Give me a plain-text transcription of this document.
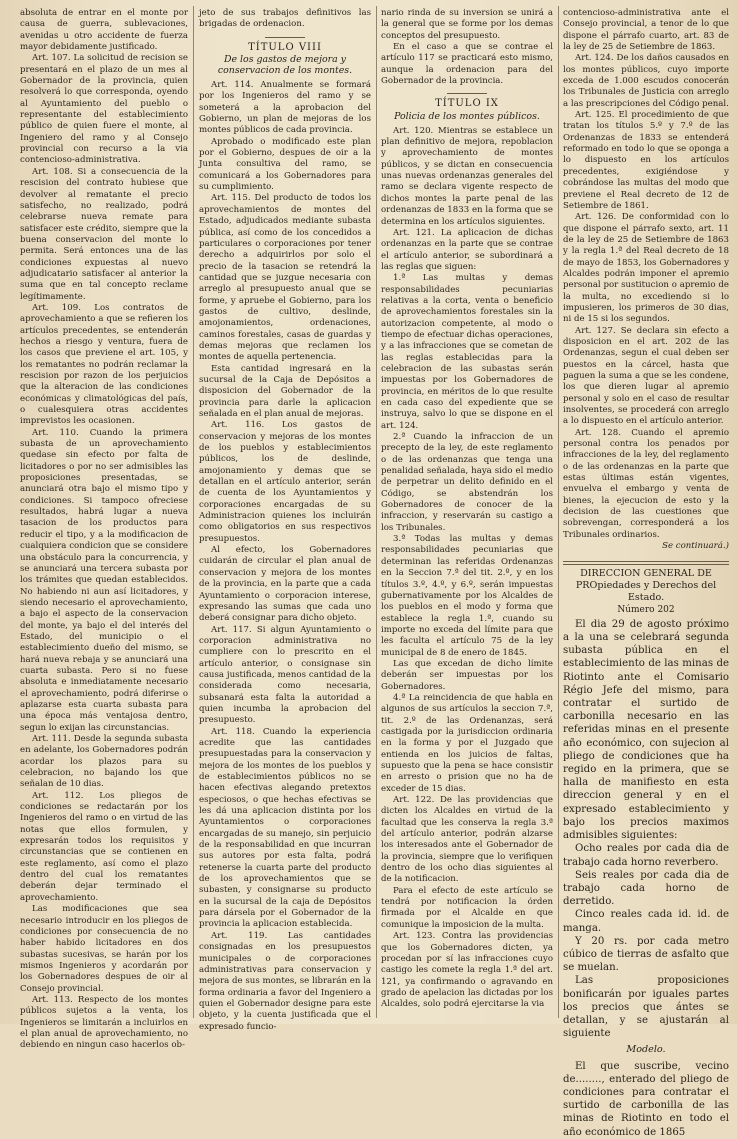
absoluta de entrar en el monte por causa de guerra, sublevaciones, avenidas u otro accidente de fuerza mayor debidamente justificado.

Art. 107. La solicitud de recision se presentará en el plazo de un mes al Gobernador de la provincia, quien resolverá lo que corresponda, oyendo al Ayuntamiento del pueblo o representante del establecimiento público de quien fuere el monte, al Ingeniero del ramo y al Consejo provincial con recurso a la via contencioso-administrativa.

Art. 108. Si a consecuencia de la rescision del contrato hubiese que devolver al rematante el precio satisfecho, no realizado, podrá celebrarse nueva remate para satisfacer este crédito, siempre que la buena conservacion del monte lo permita. Será entonces una de las condiciones expuestas al nuevo adjudicatario satisfacer al anterior la suma que en tal concepto reclame legítimamente.

Art. 109. Los contratos de aprovechamiento a que se refieren los artículos precedentes, se entenderán hechos a riesgo y ventura, fuera de los casos que previene el art. 105, y los rematantes no podrán reclamar la rescision por razon de los perjuicios que la alteracion de las condiciones económicas y climatológicas del país, o cualesquiera otras accidentes imprevistos les ocasionen.

Art. 110. Cuando la primera subasta de un aprovechamiento quedase sin efecto por falta de licitadores o por no ser admisibles las proposiciones presentadas, se anunciará otra bajo el mismo tipo y condiciones. Si tampoco ofreciese resultados, habrá lugar a nueva tasacion de los productos para reducir el tipo, y a la modificacion de cualquiera condicion que se considere una obstáculo para la concurrencia, y se anunciará una tercera subasta por los trámites que quedan establecidos. No habiendo ni aun así licitadores, y siendo necesario el aprovechamiento, a bajo el aspecto de la conservacion del monte, ya bajo el del interés del Estado, del municipio o el establecimiento dueño del mismo, se hará nueva rebaja y se anunciará una cuarta subasta. Pero si no fuese absoluta e inmediatamente necesario el aprovechamiento, podrá diferirse o aplazarse esta cuarta subasta para una época más ventajosa dentro, segun lo exijan las circunstancias.

Art. 111. Desde la segunda subasta en adelante, los Gobernadores podrán acordar los plazos para su celebracion, no bajando los que señalan de 10 dias.

Art. 112. Los pliegos de condiciones se redactarán por los Ingenieros del ramo o en virtud de las notas que ellos formulen, y expresarán todos los requisitos y circunstancias que se contienen en este reglamento, así como el plazo dentro del cual los rematantes deberán dejar terminado el aprovechamiento.

Las modificaciones que sea necesario introducir en los pliegos de condiciones por consecuencia de no haber habido licitadores en dos subastas sucesivas, se harán por los mismos Ingenieros y acordarán por los Gobernadores despues de oir al Consejo provincial.

Art. 113. Respecto de los montes públicos sujetos a la venta, los Ingenieros se limitarán a incluirlos en el plan anual de aprovechamiento, no debiendo en ningun caso hacerlos ob-

jeto de sus trabajos definitivos las brigadas de ordenacion.

TÍTULO VIII

De los gastos de mejora y conservacion de los montes.

Art. 114. Anualmente se formará por los Ingenieros del ramo y se someterá a la aprobacion del Gobierno, un plan de mejoras de los montes públicos de cada provincia.

Aprobado o modificado este plan por el Gobierno, despues de oir a la Junta consultiva del ramo, se comunicará a los Gobernadores para su cumplimiento.

Art. 115. Del producto de todos los aprovechamientos de montes del Estado, adjudicados mediante subasta pública, así como de los concedidos a particulares o corporaciones por tener derecho a adquirirlos por solo el precio de la tasacion se retendrá la cantidad que se juzgue necesaria con arreglo al presupuesto anual que se forme, y apruebe el Gobierno, para los gastos de cultivo, deslinde, amojonamientos, ordenaciones, caminos forestales, casas de guardas y demas mejoras que reclamen los montes de aquella pertenencia.

Esta cantidad ingresará en la sucursal de la Caja de Depósitos a disposicion del Gobernador de la provincia para darle la aplicacion señalada en el plan anual de mejoras.

Art. 116. Los gastos de conservacion y mejoras de los montes de los pueblos y establecimientos públicos, los de deslinde, amojonamiento y demas que se detallan en el artículo anterior, serán de cuenta de los Ayuntamientos y corporaciones encargadas de su Administracion quienes los incluirán como obligatorios en sus respectivos presupuestos.

Al efecto, los Gobernadores cuidarán de circular el plan anual de conservacion y mejora de los montes de la provincia, en la parte que a cada Ayuntamiento o corporacion interese, expresando las sumas que cada uno deberá consignar para dicho objeto.

Art. 117. Si algun Ayuntamiento o corporacion administrativa no cumpliere con lo prescrito en el artículo anterior, o consignase sin causa justificada, menos cantidad de la considerada como necesaria, subsanará esta falta la autoridad a quien incumba la aprobacion del presupuesto.

Art. 118. Cuando la experiencia acredite que las cantidades presupuestadas para la conservacion y mejora de los montes de los pueblos y de establecimientos públicos no se hacen efectivas alegando pretextos especiosos, o que hechas efectivas se les dá una aplicacion distinta por los Ayuntamientos o corporaciones encargadas de su manejo, sin perjuicio de la responsabilidad en que incurran sus autores por esta falta, podrá retenerse la cuarta parte del producto de los aprovechamientos que se subasten, y consignarse su producto en la sucursal de la caja de Depósitos para dársela por el Gobernador de la provincia la aplicacion establecida.

Art. 119. Las cantidades consignadas en los presupuestos municipales o de corporaciones administrativas para conservacion y mejora de sus montes, se librarán en la forma ordinaria a favor del Ingeniero a quien el Gobernador designe para este objeto, y la cuenta justificada que el expresado funcio-

nario rinda de su inversion se unirá a la general que se forme por los demas conceptos del presupuesto.

En el caso a que se contrae el artículo 117 se practicará esto mismo, aunque la ordenacion para del Gobernador de la provincia.

TÍTULO IX

Policia de los montes públicos.

Art. 120. Mientras se establece un plan definitivo de mejora, repoblacion y aprovechamiento de montes públicos, y se dictan en consecuencia unas nuevas ordenanzas generales del ramo se declara vigente respecto de dichos montes la parte penal de las ordenanzas de 1833 en la forma que se determina en los artículos siguientes.

Art. 121. La aplicacion de dichas ordenanzas en la parte que se contrae el artículo anterior, se subordinará a las reglas que siguen:

1.ª Las multas y demas responsabilidades pecuniarias relativas a la corta, venta o beneficio de aprovechamientos forestales sin la autorizacion competente, al modo o tiempo de efectuar dichas operaciones, y a las infracciones que se cometan de las reglas establecidas para la celebracion de las subastas serán impuestas por los Gobernadores de provincia, en méritos de lo que resulte en cada caso del expediente que se instruya, salvo lo que se dispone en el art. 124.

2.ª Cuando la infraccion de un precepto de la ley, de este reglamento o de las ordenanzas que tenga una penalidad señalada, haya sido el medio de perpetrar un delito definido en el Código, se abstendrán los Gobernadores de conocer de la infraccion, y reservarán su castigo a los Tribunales.

3.ª Todas las multas y demas responsabilidades pecuniarias que determinan las referidas Ordenanzas en la Seccion 7.ª del tit. 2.º, y en los títulos 3.º, 4.º, y 6.º, serán impuestas gubernativamente por los Alcaldes de los pueblos en el modo y forma que establece la regla 1.ª, cuando su importe no exceda del límite para que les faculta el artículo 75 de la ley municipal de 8 de enero de 1845.

Las que excedan de dicho límite deberán ser impuestas por los Gobernadores.

4.ª La reincidencia de que habla en algunos de sus artículos la seccion 7.ª, tit. 2.º de las Ordenanzas, será castigada por la jurisdiccion ordinaria en la forma y por el Juzgado que entienda en los juicios de faltas, supuesto que la pena se hace consistir en arresto o prision que no ha de exceder de 15 dias.

Art. 122. De las providencias que dicten los Alcaldes en virtud de la facultad que les conserva la regla 3.ª del artículo anterior, podrán alzarse los interesados ante el Gobernador de la provincia, siempre que lo verifiquen dentro de los ocho dias siguientes al de la notificacion.

Para el efecto de este artículo se tendrá por notificacion la órden firmada por el Alcalde en que comunique la imposicion de la multa.

Art. 123. Contra las providencias que los Gobernadores dicten, ya procedan por sí las infracciones cuyo castigo les comete la regla 1.ª del art. 121, ya confirmando o agravando en grado de apelacion las dictadas por los Alcaldes, solo podrá ejercitarse la via

contencioso-administrativa ante el Consejo provincial, a tenor de lo que dispone el párrafo cuarto, art. 83 de la ley de 25 de Setiembre de 1863.

Art. 124. De los daños causados en los montes públicos, cuyo importe exceda de 1.000 escudos conocerán los Tribunales de Justicia con arreglo a las prescripciones del Código penal.

Art. 125. El procedimiento de que tratan los títulos 5.º y 7.º de las Ordenanzas de 1833 se entenderá reformado en todo lo que se oponga a lo dispuesto en los artículos precedentes, exigiéndose y cobrándose las multas del modo que previene el Real decreto de 12 de Setiembre de 1861.

Art. 126. De conformidad con lo que dispone el párrafo sexto, art. 11 de la ley de 25 de Setiembre de 1863 y la regla 1.ª del Real decreto de 18 de mayo de 1853, los Gobernadores y Alcaldes podrán imponer el apremio personal por sustitucion o apremio de la multa, no excediendo si lo impusieren, los primeros de 30 dias, ni de 15 si los segundos.

Art. 127. Se declara sin efecto a disposicion en el art. 202 de las Ordenanzas, segun el cual deben ser puestos en la cárcel, hasta que paguen la suma a que se les condene, los que dieren lugar al apremio personal y solo en el caso de resultar insolventes, se procederá con arreglo a lo dispuesto en el artículo anterior.

Art. 128. Cuando el apremio personal contra los penados por infracciones de la ley, del reglamento o de las ordenanzas en la parte que estas últimas están vigentes, envuelva el embargo y venta de bienes, la ejecucion de esto y la decision de las cuestiones que sobrevengan, corresponderá a los Tribunales ordinarios.

Se continuará.)

DIRECCION GENERAL DE PROpiedades y Derechos del Estado.

Número 202

El dia 29 de agosto próximo a la una se celebrará segunda subasta pública en el establecimiento de las minas de Riotinto ante el Comisario Régio Jefe del mismo, para contratar el surtido de carbonilla necesario en las referidas minas en el presente año económico, con sujecion al pliego de condiciones que ha regido en la primera, que se halla de manifiesto en esta direccion general y en el expresado establecimiento y bajo los precios maximos admisibles siguientes:

Ocho reales por cada dia de trabajo cada horno reverbero.

Seis reales por cada dia de trabajo cada horno de derretido.

Cinco reales cada id. id. de manga.

Y 20 rs. por cada metro cúbico de tierras de asfalto que se muelan.

Las proposiciones bonificarán por iguales partes los precios que ántes se detallan, y se ajustarán al siguiente

Modelo.

El que suscribe, vecino de........, enterado del pliego de condiciones para contratar el surtido de carbonilla de las minas de Riotinto en todo el año económico de 1865
